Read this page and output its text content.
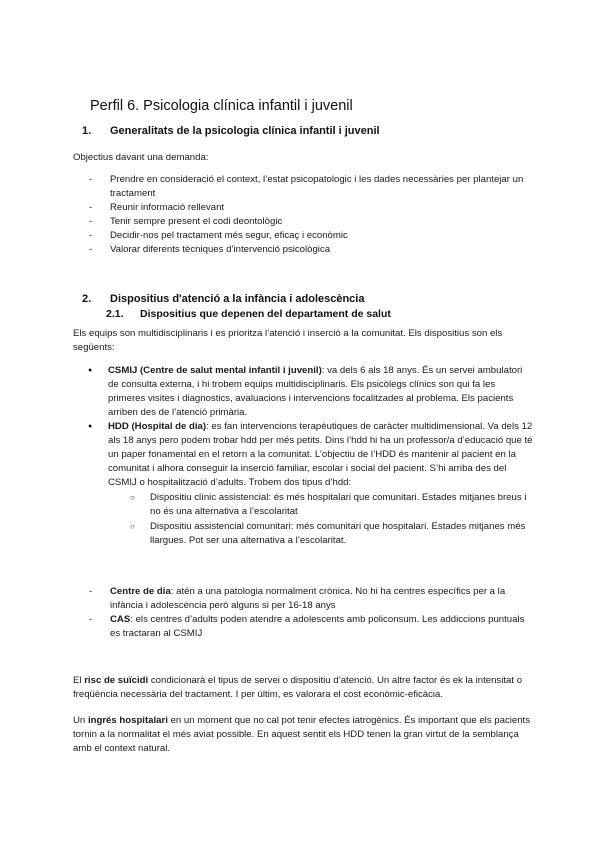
Perfil 6. Psicologia clínica infantil i juvenil
1. Generalitats de la psicologia clínica infantil i juvenil
Objectius davant una demanda:
- Prendre en consideració el context, l’estat psicopatologic i les dades necessàries per plantejar un tractament
- Reunir informació rellevant
- Tenir sempre present el codi deontològic
- Decidir-nos pel tractament més segur, eficaç i econòmic
- Valorar diferents tècniques d’intervenció psicològica
2. Dispositius d'atenció a la infància i adolescència
2.1. Dispositius que depenen del departament de salut
Els equips son multidisciplinaris i es prioritza l’atenció i inserció a la comunitat. Els dispositius son els següents:
● CSMIJ (Centre de salut mental infantil i juvenil): va dels 6 als 18 anys. És un servei ambulatori de consulta externa, i hi trobem equips multidisciplinaris. Els psicòlegs clínics son qui fa les primeres visites i diagnostics, avaluacions i intervencions focalitzades al problema. Els pacients arriben des de l’atenció primària.
● HDD (Hospital de dia): es fan intervencions terapèutiques de caràcter multidimensional. Va dels 12 als 18 anys pero podem trobar hdd per més petits. Dins l’hdd hi ha un professor/a d’educació que té un paper fonamental en el retorn a la comunitat. L’objectiu de l’HDD és mantenir al pacient en la comunitat i alhora conseguir la inserció familiar, escolar i social del pacient. S’hi arriba des del CSMIJ o hospitalització d’adults. Trobem dos tipus d’hdd:
○ Dispositiu clínic assistencial: és més hospitalari que comunitari. Estades mitjanes breus i no és una alternativa a l’escolaritat
○ Dispositiu assistencial comunitari: més comunitari que hospitalari. Estades mitjanes més llargues. Pot ser una alternativa a l’escolaritat.
- Centre de dia: atén a una patologia normalment crònica. No hi ha centres específics per a la infància i adolescència però alguns si per 16-18 anys
- CAS: els centres d’adults poden atendre a adolescents amb policonsum. Les addiccions puntuals es tractaran al CSMIJ
El risc de suïcidi condicionarà el tipus de servei o dispositiu d’atenció. Un altre factor és ek la intensitat o freqüència necessària del tractament. I per últim, es valorara el cost econòmic-eficàcia.
Un ingrés hospitalari en un moment que no cal pot tenir efectes iatrogènics. És important que els pacients tornin a la normalitat el més aviat possible. En aquest sentit els HDD tenen la gran virtut de la semblança amb el context natural.
